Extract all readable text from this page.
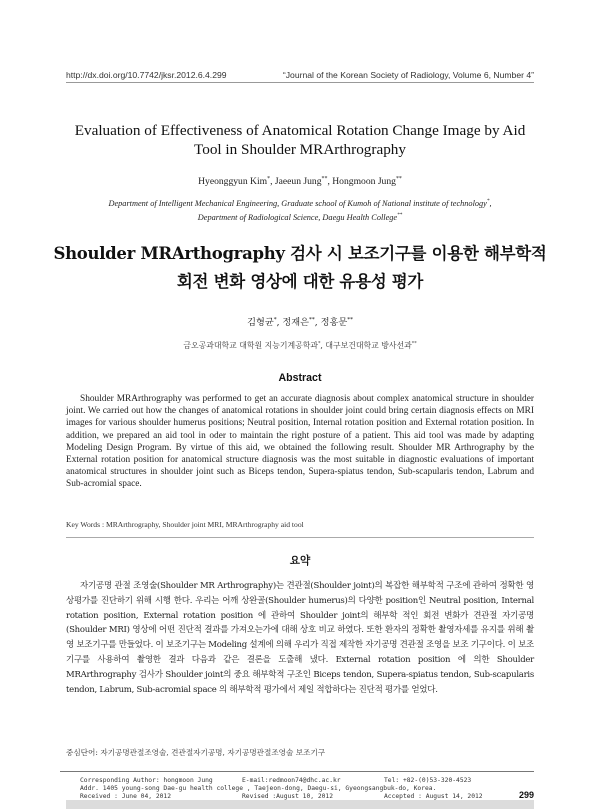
http://dx.doi.org/10.7742/jksr.2012.6.4.299	“Journal of the Korean Society of Radiology, Volume 6, Number 4”
Evaluation of Effectiveness of Anatomical Rotation Change Image by Aid
Tool in Shoulder MRArthrography
Hyeonggyun Kim*, Jaeeun Jung**, Hongmoon Jung**
Department of Intelligent Mechanical Engineering, Graduate school of Kumoh of National institute of technology*,
Department of Radiological Science, Daegu Health College**
Shoulder MRArthography 검사 시 보조기구를 이용한 해부학적
회전 변화 영상에 대한 유용성 평가
김형균*, 정재은**, 정홍문**
금오공과대학교 대학원 지능기계공학과*, 대구보건대학교 방사선과**
Abstract
Shoulder MRArthrography was performed to get an accurate diagnosis about complex anatomical structure in shoulder joint. We carried out how the changes of anatomical rotations in shoulder joint could bring certain diagnosis effects on MRI images for various shoulder humerus positions; Neutral position, Internal rotation position and External rotation position. In addition, we prepared an aid tool in oder to maintain the right posture of a patient. This aid tool was made by adapting Modeling Design Program. By virtue of this aid, we obtained the following result. Shoulder MR Arthrography by the External rotation position for anatomical structure diagnosis was the most suitable in diagnostic evaluations of important anatomical structures in shoulder joint such as Biceps tendon, Supera-spiatus tendon, Sub-scapularis tendon, Labrum and Sub-acromial space.
Key Words : MRArthrography, Shoulder joint MRI, MRArthrography aid tool
요약
자기공명 관절 조영술(Shoulder MR Arthrography)는 견관절(Shoulder joint)의 복잡한 해부학적 구조에 관하여 정확한 영상평가를 진단하기 위해 시행 한다. 우리는 어깨 상완골(Shoulder humerus)의 다양한 position인 Neutral position, Internal rotation position, External rotation position 에 관하여 Shoulder joint의 해부학 적인 회전 변화가 견관절 자기공명(Shoulder MRI) 영상에 어떤 진단적 결과를 가져오는가에 대해 상호 비교 하였다. 또한 환자의 정확한 촬영자세를 유지를 위해 촬영 보조기구를 만들었다. 이 보조기구는 Modeling 설계에 의해 우리가 직접 제작한 자기공명 견관절 조영을 보조 기구이다. 이 보조기구를 사용하여 촬영한 결과 다음과 같은 결론을 도출해 냈다. External rotation position 에 의한 Shoulder MRArthrography 검사가 Shoulder joint의 중요 해부학적 구조인 Biceps tendon, Supera-spiatus tendon, Sub-scapularis tendon, Labrum, Sub-acromial space 의 해부학적 평가에서 제일 적합하다는 진단적 평가를 얻었다.
중심단어: 자기공명관절조영술, 견관절자기공명, 자기공명관절조영술 보조기구
299
Corresponding Author: hongmoon Jung	E-mail:redmoon74@dhc.ac.kr	Tel: +82-(0)53-320-4523
Addr. 1405 young-song Dae-gu health college , Taejeon-dong, Daegu-si, Gyeongsangbuk-do, Korea.
Received : June 04, 2012	Revised :August 10, 2012	Accepted : August 14, 2012
